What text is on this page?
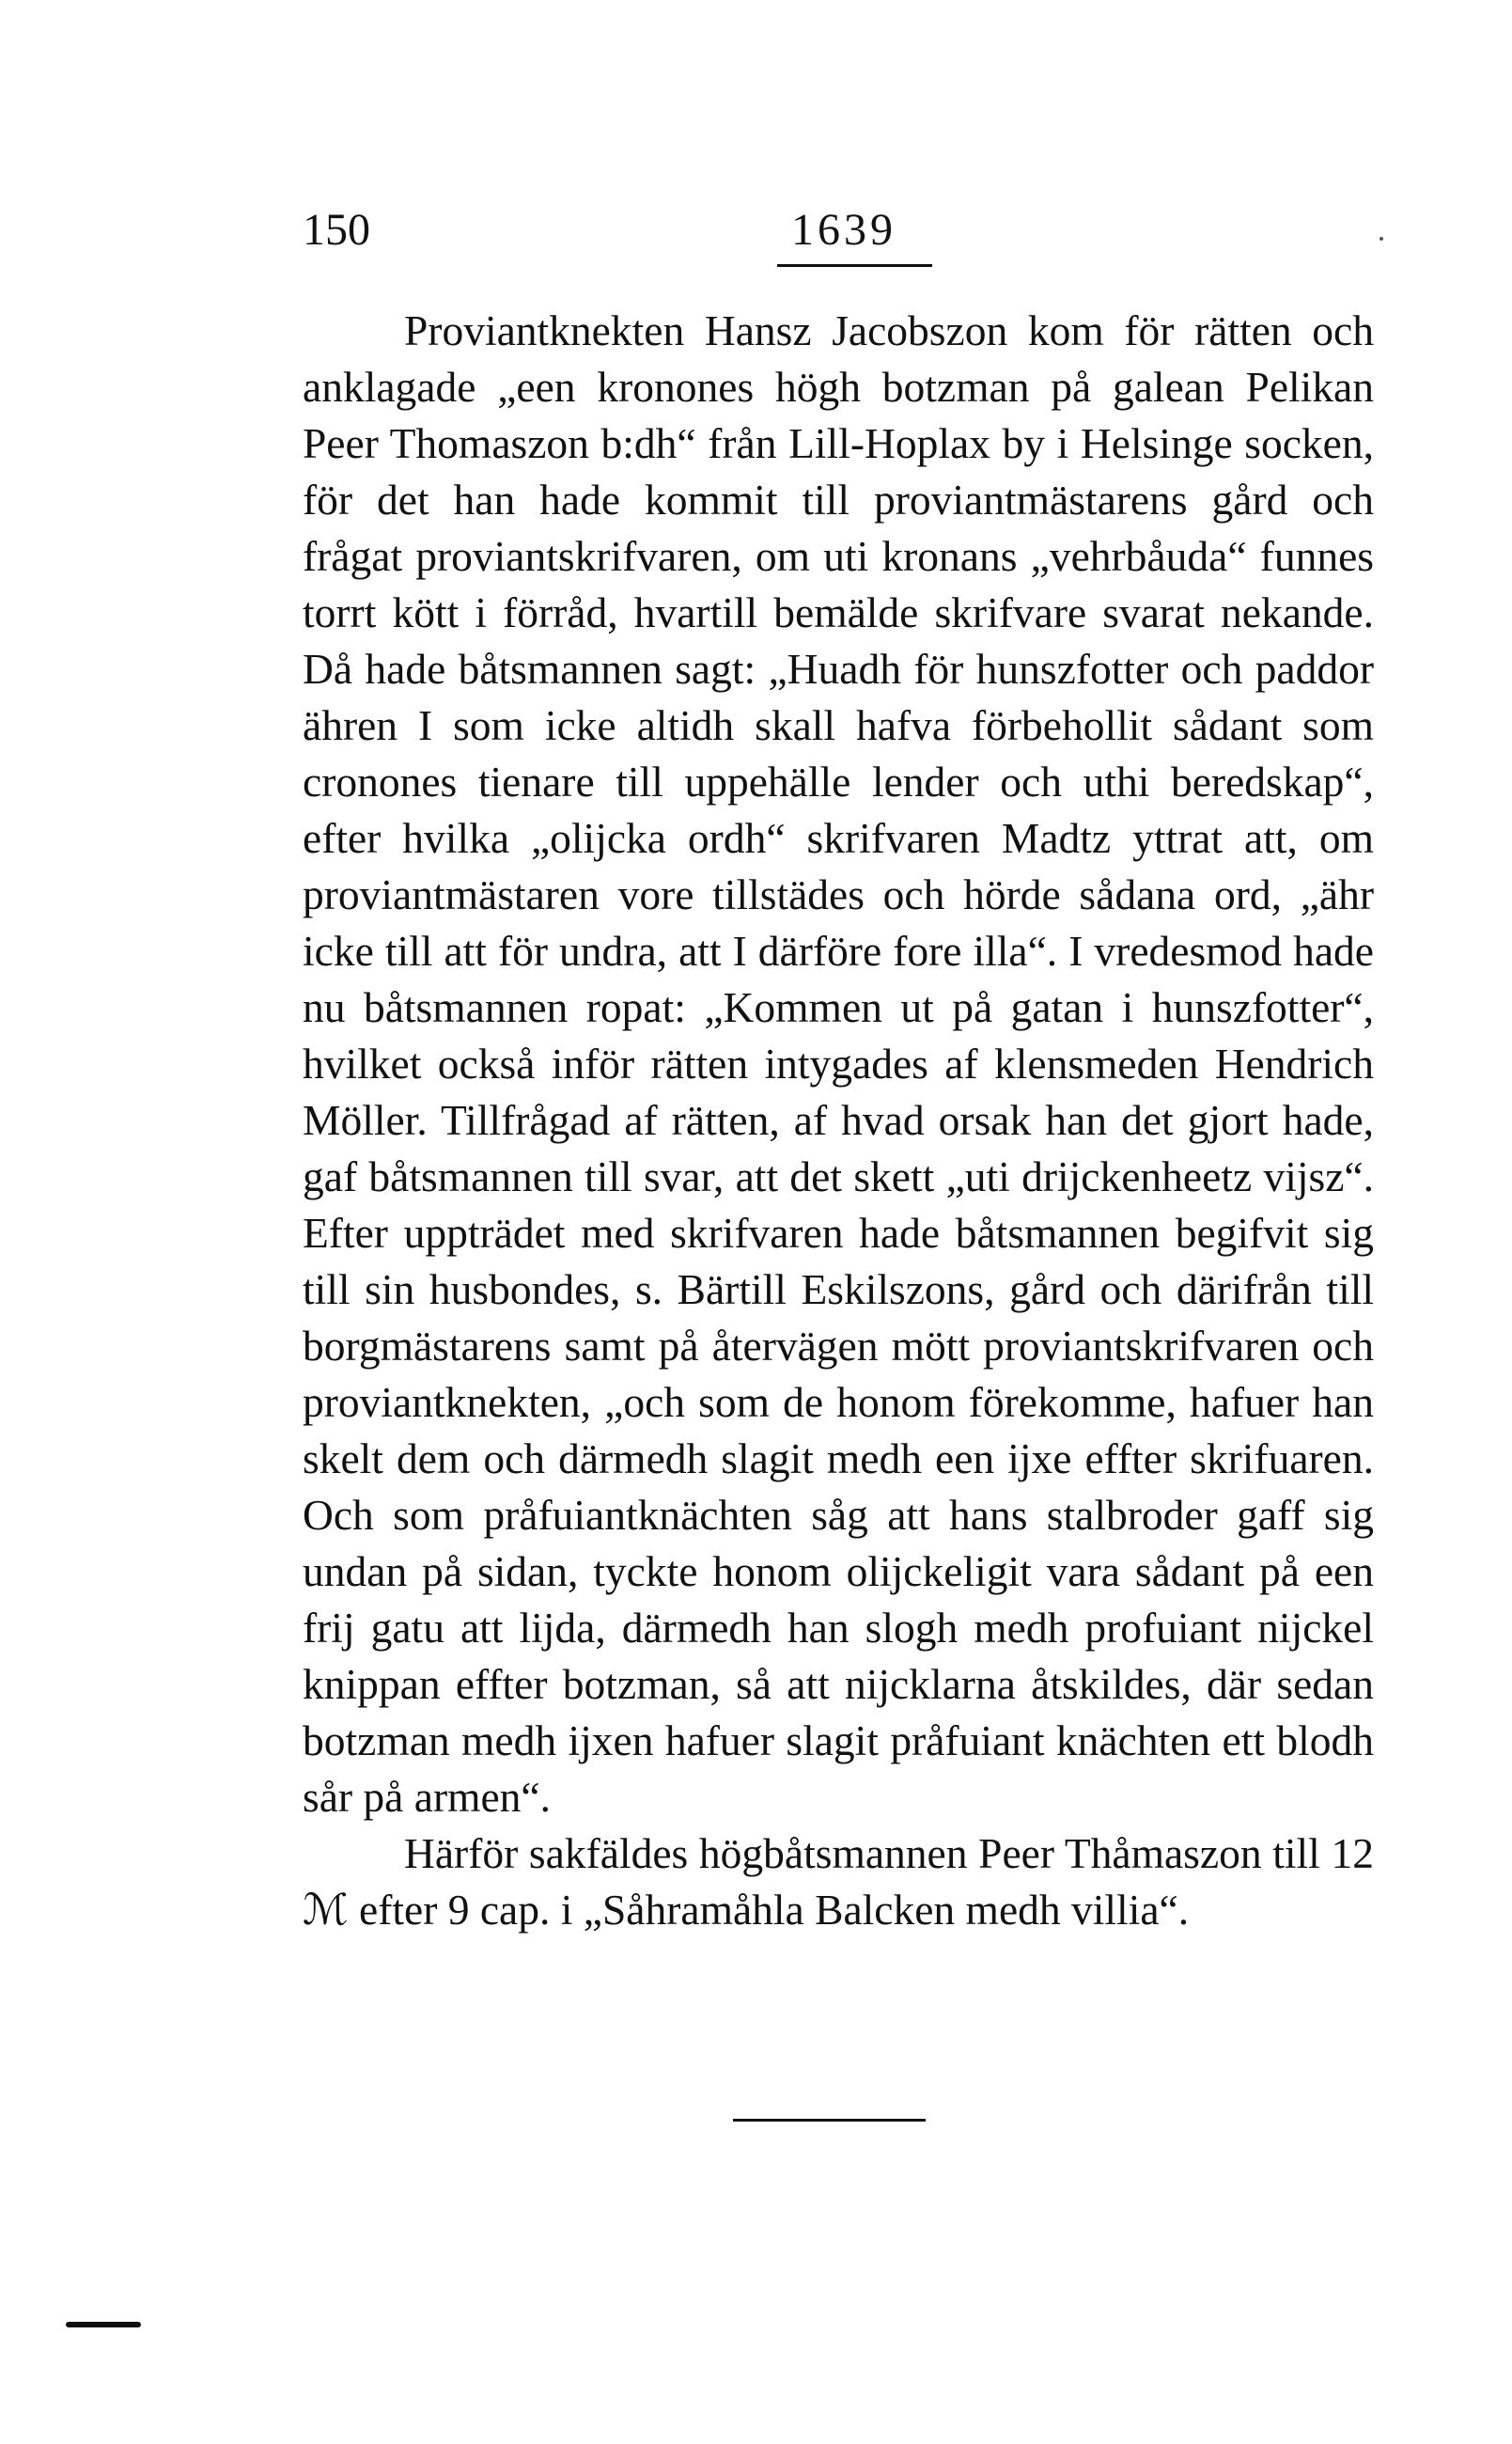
150	1639

Proviantknekten Hansz Jacobszon kom för rätten och anklagade „een kronones högh botzman på galean Pelikan Peer Thomaszon b:dh“ från Lill-Hoplax by i Helsinge socken, för det han hade kommit till proviantmästarens gård och frågat proviantskrifvaren, om uti kronans „vehrbåuda“ funnes torrt kött i förråd, hvartill bemälde skrifvare svarat nekande. Då hade båtsmannen sagt: „Huadh för hunszfotter och paddor ähren I som icke altidh skall hafva förbehollit sådant som cronones tienare till uppehälle lender och uthi beredskap“, efter hvilka „olijcka ordh“ skrifvaren Madtz yttrat att, om proviantmästaren vore tillstädes och hörde sådana ord, „ähr icke till att för undra, att I därföre fore illa“. I vredesmod hade nu båtsmannen ropat: „Kommen ut på gatan i hunszfotter“, hvilket också inför rätten intygades af klensmeden Hendrich Möller. Tillfrågad af rätten, af hvad orsak han det gjort hade, gaf båtsmannen till svar, att det skett „uti drijckenheetz vijsz“. Efter uppträdet med skrifvaren hade båtsmannen begifvit sig till sin husbondes, s. Bärtill Eskilszons, gård och därifrån till borgmästarens samt på återvägen mött proviantskrifvaren och proviantknekten, „och som de honom förekomme, hafuer han skelt dem och därmedh slagit medh een ijxe effter skrifuaren. Och som pråfuiantknächten såg att hans stalbroder gaff sig undan på sidan, tyckte honom olijckeligit vara sådant på een frij gatu att lijda, därmedh han slogh medh profuiant nijckel knippan effter botzman, så att nijcklarna åtskildes, där sedan botzman medh ijxen hafuer slagit pråfuiant knächten ett blodh sår på armen“.

Härför sakfäldes högbåtsmannen Peer Thåmaszon till 12 ℳ efter 9 cap. i „Såhramåhla Balcken medh villia“.
